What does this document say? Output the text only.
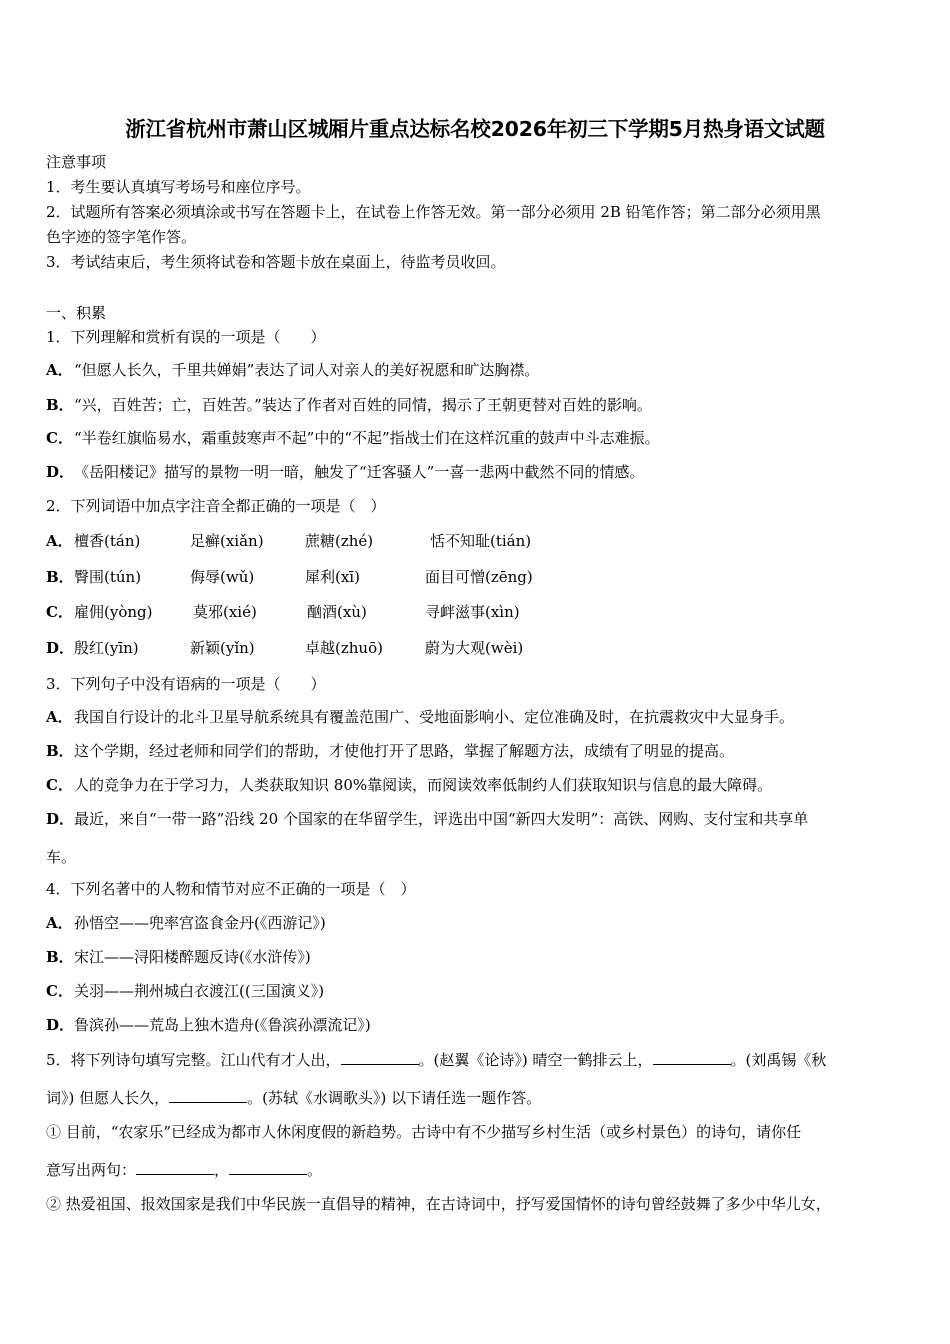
浙江省杭州市萧山区城厢片重点达标名校2026年初三下学期5月热身语文试题
注意事项
1．考生要认真填写考场号和座位序号。
2．试题所有答案必须填涂或书写在答题卡上，在试卷上作答无效。第一部分必须用 2B 铅笔作答；第二部分必须用黑
色字迹的签字笔作答。
3．考试结束后，考生须将试卷和答题卡放在桌面上，待监考员收回。
一、积累
1．下列理解和赏析有误的一项是（　　）
A．“但愿人长久，千里共婵娟”表达了词人对亲人的美好祝愿和旷达胸襟。
B．“兴，百姓苦；亡，百姓苦。”装达了作者对百姓的同情，揭示了王朝更替对百姓的影响。
C．“半卷红旗临易水，霜重鼓寒声不起”中的“不起”指战士们在这样沉重的鼓声中斗志难振。
D．《岳阳楼记》描写的景物一明一暗，触发了“迁客骚人”一喜一悲两中截然不同的情感。
2．下列词语中加点字注音全都正确的一项是（　）
A． 檀香(tán)	足癣(xiǎn)	蔗糖(zhé)	恬不知耻(tián)
B． 臀围(tún)	侮辱(wǔ)	犀利(xī)	面目可憎(zēng)
C． 雇佣(yòng)	莫邪(xié)	酗酒(xù)	寻衅滋事(xìn)
D． 殷红(yīn)	新颖(yǐn)	卓越(zhuō)	蔚为大观(wèi)
3．下列句子中没有语病的一项是（　　）
A．我国自行设计的北斗卫星导航系统具有覆盖范围广、受地面影响小、定位准确及时，在抗震救灾中大显身手。
B．这个学期，经过老师和同学们的帮助，才使他打开了思路，掌握了解题方法，成绩有了明显的提高。
C．人的竞争力在于学习力，人类获取知识 80%靠阅读，而阅读效率低制约人们获取知识与信息的最大障碍。
D．最近，来自“一带一路”沿线 20 个国家的在华留学生，评选出中国“新四大发明”：高铁、网购、支付宝和共享单
车。
4．下列名著中的人物和情节对应不正确的一项是（　）
A．孙悟空——兜率宫盗食金丹(《西游记》)
B．宋江——浔阳楼醉题反诗(《水浒传》)
C．关羽——荆州城白衣渡江((三国演义》)
D．鲁滨孙——荒岛上独木造舟(《鲁滨孙漂流记》)
5．将下列诗句填写完整。江山代有才人出，	。(赵翼《论诗》) 晴空一鹤排云上，	。(刘禹锡《秋
词》) 但愿人长久，	。(苏轼《水调歌头》) 以下请任选一题作答。
① 目前，“农家乐”已经成为都市人休闲度假的新趋势。古诗中有不少描写乡村生活（或乡村景色）的诗句，请你任
意写出两句：	，	。
② 热爱祖国、报效国家是我们中华民族一直倡导的精神，在古诗词中，抒写爱国情怀的诗句曾经鼓舞了多少中华儿女，
